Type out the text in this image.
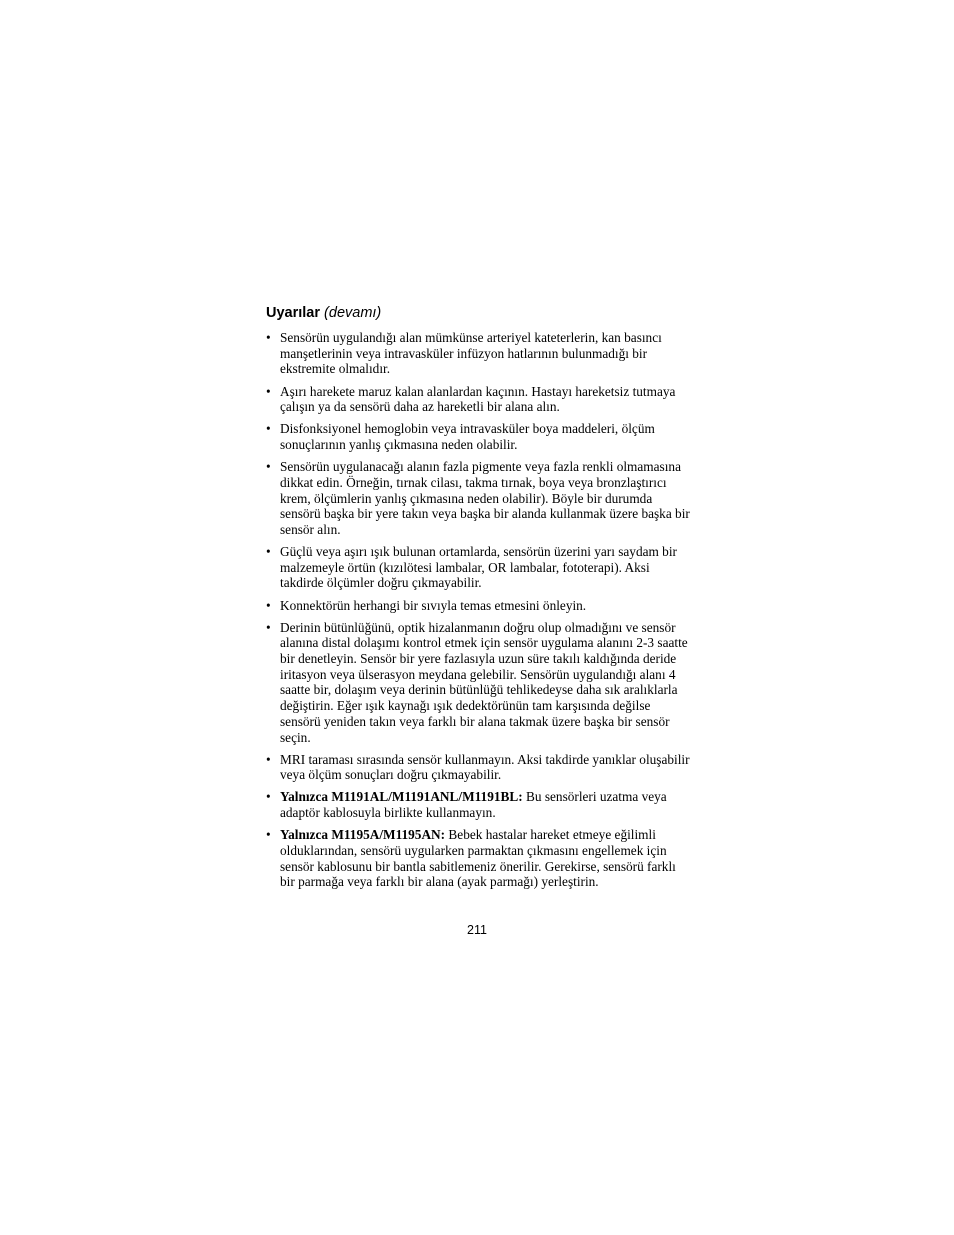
Uyarılar (devamı)
• Sensörün uygulandığı alan mümkünse arteriyel kateterlerin, kan basıncı manşetlerinin veya intravasküler infüzyon hatlarının bulunmadığı bir ekstremite olmalıdır.
• Aşırı harekete maruz kalan alanlardan kaçının. Hastayı hareketsiz tutmaya çalışın ya da sensörü daha az hareketli bir alana alın.
• Disfonksiyonel hemoglobin veya intravasküler boya maddeleri, ölçüm sonuçlarının yanlış çıkmasına neden olabilir.
• Sensörün uygulanacağı alanın fazla pigmente veya fazla renkli olmamasına dikkat edin. Örneğin, tırnak cilası, takma tırnak, boya veya bronzlaştırıcı krem, ölçümlerin yanlış çıkmasına neden olabilir). Böyle bir durumda sensörü başka bir yere takın veya başka bir alanda kullanmak üzere başka bir sensör alın.
• Güçlü veya aşırı ışık bulunan ortamlarda, sensörün üzerini yarı saydam bir malzemeyle örtün (kızılötesi lambalar, OR lambalar, fototerapi). Aksi takdirde ölçümler doğru çıkmayabilir.
• Konnektörün herhangi bir sıvıyla temas etmesini önleyin.
• Derinin bütünlüğünü, optik hizalanmanın doğru olup olmadığını ve sensör alanına distal dolaşımı kontrol etmek için sensör uygulama alanını 2-3 saatte bir denetleyin. Sensör bir yere fazlasıyla uzun süre takılı kaldığında deride iritasyon veya ülserasyon meydana gelebilir. Sensörün uygulandığı alanı 4 saatte bir, dolaşım veya derinin bütünlüğü tehlikedeyse daha sık aralıklarla değiştirin. Eğer ışık kaynağı ışık dedektörünün tam karşısında değilse sensörü yeniden takın veya farklı bir alana takmak üzere başka bir sensör seçin.
• MRI taraması sırasında sensör kullanmayın. Aksi takdirde yanıklar oluşabilir veya ölçüm sonuçları doğru çıkmayabilir.
• Yalnızca M1191AL/M1191ANL/M1191BL: Bu sensörleri uzatma veya adaptör kablosuyla birlikte kullanmayın.
• Yalnızca M1195A/M1195AN: Bebek hastalar hareket etmeye eğilimli olduklarından, sensörü uygularken parmaktan çıkmasını engellemek için sensör kablosunu bir bantla sabitlemeniz önerilir. Gerekirse, sensörü farklı bir parmağa veya farklı bir alana (ayak parmağı) yerleştirin.
211
